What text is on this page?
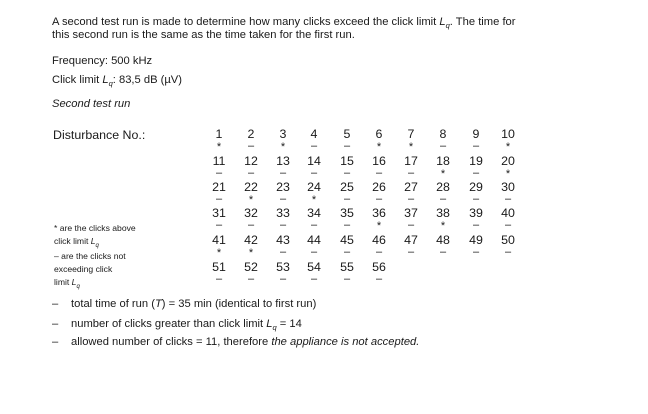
A second test run is made to determine how many clicks exceed the click limit $L_q$. The time for
this second run is the same as the time taken for the first run.
Frequency: 500 kHz
Click limit $L_q$: 83,5 dB (µV)
Second test run
Disturbance No.:	1	2	3	4	5	6	7	8	9	10
*	–	*	–	–	*	*	–	–	*
11	12	13	14	15	16	17	18	19	20
–	–	–	–	–	–	–	*	–	*
21	22	23	24	25	26	27	28	29	30
–	*	–	*	–	–	–	–	–	–
31	32	33	34	35	36	37	38	39	40
–	–	–	–	–	*	–	*	–	–
41	42	43	44	45	46	47	48	49	50
*	*	–	–	–	–	–	–	–	–
51	52	53	54	55	56
–	–	–	–	–	–
* are the clicks above
click limit $L_q$
– are the clicks not
exceeding click
limit $L_q$
– total time of run (T) = 35 min (identical to first run)
– number of clicks greater than click limit $L_q = 14$
– allowed number of clicks = 11, therefore the appliance is not accepted.
